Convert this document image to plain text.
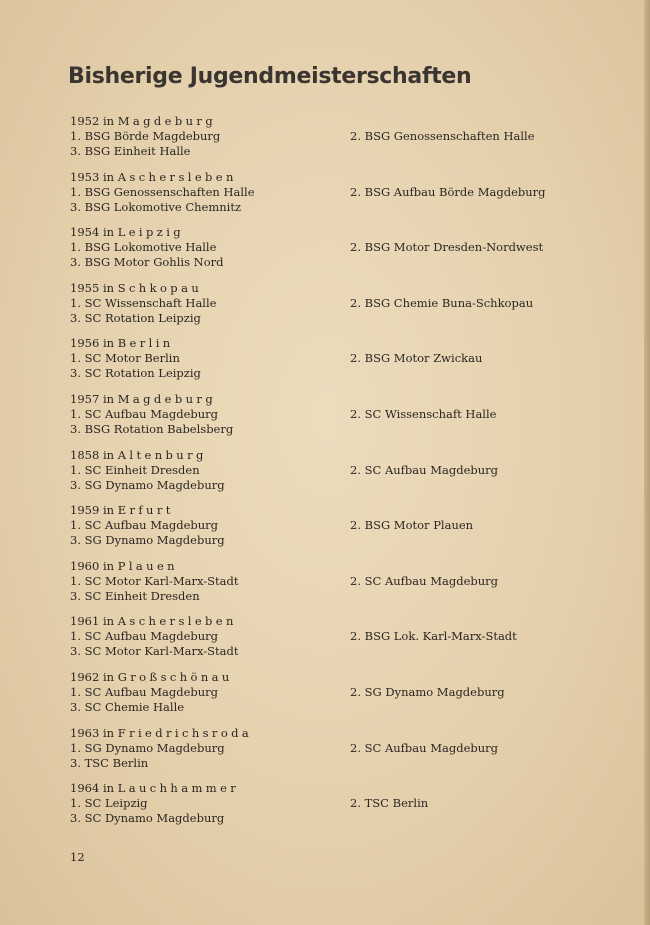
Bisherige Jugendmeisterschaften
1952 in Magdeburg
1. BSG Börde Magdeburg	2. BSG Genossenschaften Halle
3. BSG Einheit Halle
1953 in Aschersleben
1. BSG Genossenschaften Halle	2. BSG Aufbau Börde Magdeburg
3. BSG Lokomotive Chemnitz
1954 in Leipzig
1. BSG Lokomotive Halle	2. BSG Motor Dresden-Nordwest
3. BSG Motor Gohlis Nord
1955 in Schkopau
1. SC Wissenschaft Halle	2. BSG Chemie Buna-Schkopau
3. SC Rotation Leipzig
1956 in Berlin
1. SC Motor Berlin	2. BSG Motor Zwickau
3. SC Rotation Leipzig
1957 in Magdeburg
1. SC Aufbau Magdeburg	2. SC Wissenschaft Halle
3. BSG Rotation Babelsberg
1858 in Altenburg
1. SC Einheit Dresden	2. SC Aufbau Magdeburg
3. SG Dynamo Magdeburg
1959 in Erfurt
1. SC Aufbau Magdeburg	2. BSG Motor Plauen
3. SG Dynamo Magdeburg
1960 in Plauen
1. SC Motor Karl-Marx-Stadt	2. SC Aufbau Magdeburg
3. SC Einheit Dresden
1961 in Aschersleben
1. SC Aufbau Magdeburg	2. BSG Lok. Karl-Marx-Stadt
3. SC Motor Karl-Marx-Stadt
1962 in Großschönau
1. SC Aufbau Magdeburg	2. SG Dynamo Magdeburg
3. SC Chemie Halle
1963 in Friedrichsroda
1. SG Dynamo Magdeburg	2. SC Aufbau Magdeburg
3. TSC Berlin
1964 in Lauchhammer
1. SC Leipzig	2. TSC Berlin
3. SC Dynamo Magdeburg
12
